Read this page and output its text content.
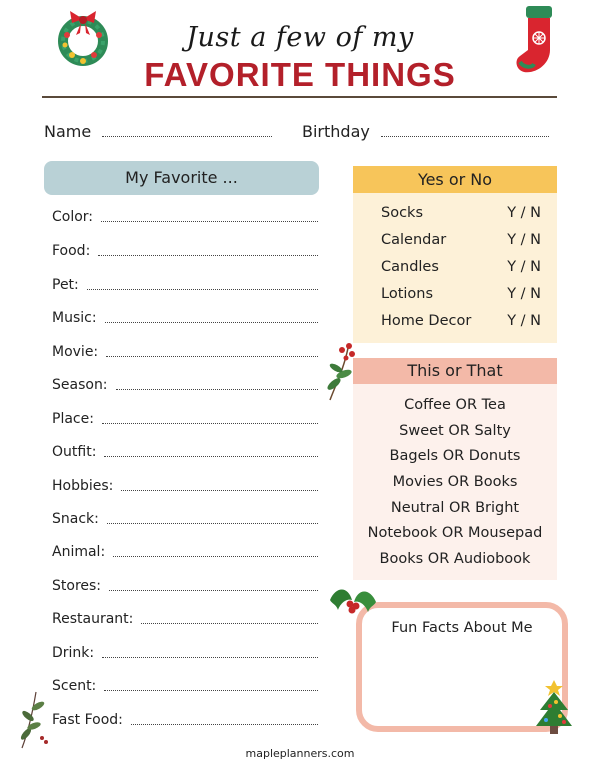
Just a few of my
FAVORITE THINGS
Name	Birthday
My Favorite ...
Color:
Food:
Pet:
Music:
Movie:
Season:
Place:
Outfit:
Hobbies:
Snack:
Animal:
Stores:
Restaurant:
Drink:
Scent:
Fast Food:
Yes or No
Socks	Y / N
Calendar	Y / N
Candles	Y / N
Lotions	Y / N
Home Decor Y / N
This or That
Coffee OR Tea
Sweet OR Salty
Bagels OR Donuts
Movies OR Books
Neutral OR Bright
Notebook OR Mousepad
Books OR Audiobook
Fun Facts About Me
mapleplanners.com
